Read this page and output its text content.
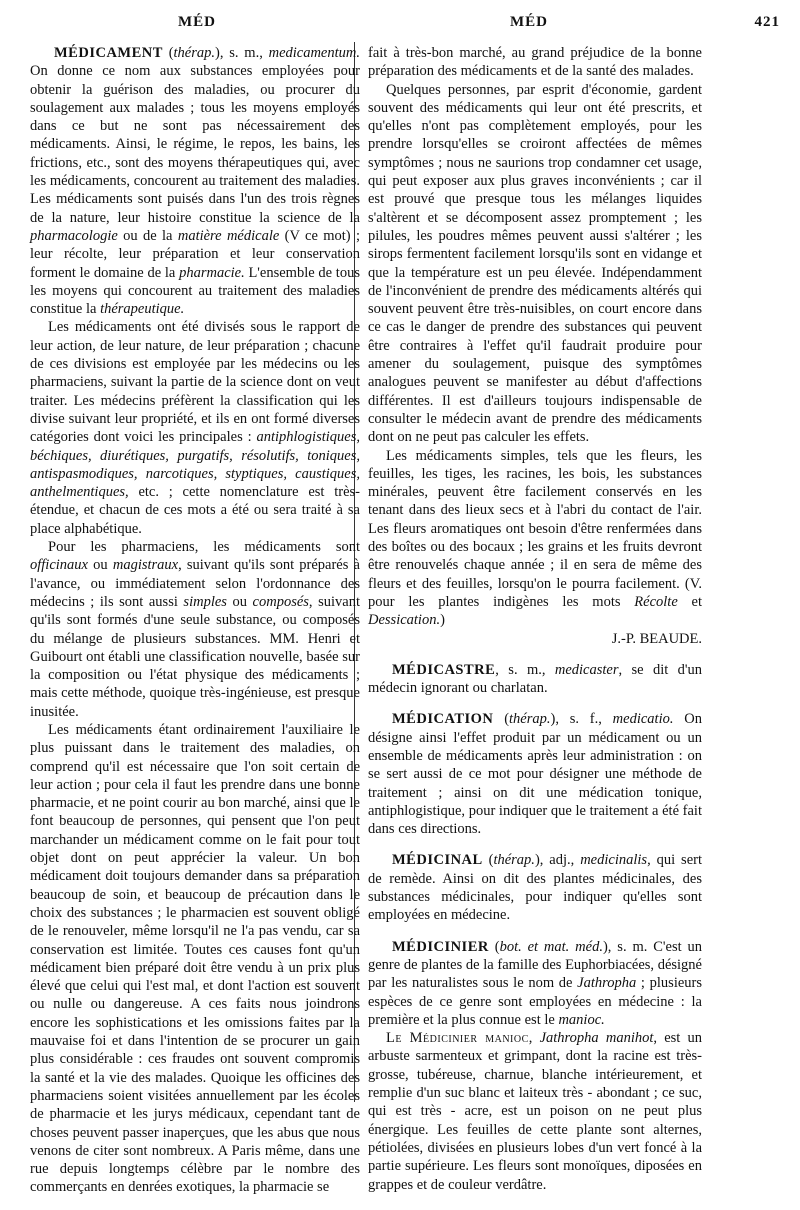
MÉD	MÉD	421

MÉDICAMENT (thérap.), s. m., medicamentum. On donne ce nom aux substances employées pour obtenir la guérison des maladies, ou procurer du soulagement aux malades ; tous les moyens employés dans ce but ne sont pas nécessairement des médicaments. Ainsi, le régime, le repos, les bains, les frictions, etc., sont des moyens thérapeutiques qui, avec les médicaments, concourent au traitement des maladies. Les médicaments sont puisés dans l'un des trois règnes de la nature, leur histoire constitue la science de la pharmacologie ou de la matière médicale (V ce mot) ; leur récolte, leur préparation et leur conservation forment le domaine de la pharmacie. L'ensemble de tous les moyens qui concourent au traitement des maladies constitue la thérapeutique.

Les médicaments ont été divisés sous le rapport de leur action, de leur nature, de leur préparation ; chacune de ces divisions est employée par les médecins ou les pharmaciens, suivant la partie de la science dont on veut traiter. Les médecins préfèrent la classification qui les divise suivant leur propriété, et ils en ont formé diverses catégories dont voici les principales : antiphlogistiques, béchiques, diurétiques, purgatifs, résolutifs, toniques, antispasmodiques, narcotiques, styptiques, caustiques, anthelmentiques, etc. ; cette nomenclature est très-étendue, et chacun de ces mots a été ou sera traité à sa place alphabétique.

Pour les pharmaciens, les médicaments sont officinaux ou magistraux, suivant qu'ils sont préparés à l'avance, ou immédiatement selon l'ordonnance des médecins ; ils sont aussi simples ou composés, suivant qu'ils sont formés d'une seule substance, ou composés du mélange de plusieurs substances. MM. Henri et Guibourt ont établi une classification nouvelle, basée sur la composition ou l'état physique des médicaments ; mais cette méthode, quoique très-ingénieuse, est presque inusitée.

Les médicaments étant ordinairement l'auxiliaire le plus puissant dans le traitement des maladies, on comprend qu'il est nécessaire que l'on soit certain de leur action ; pour cela il faut les prendre dans une bonne pharmacie, et ne point courir au bon marché, ainsi que le font beaucoup de personnes, qui pensent que l'on peut marchander un médicament comme on le fait pour tout objet dont on peut apprécier la valeur. Un bon médicament doit toujours demander dans sa préparation beaucoup de soin, et beaucoup de précaution dans le choix des substances ; le pharmacien est souvent obligé de le renouveler, même lorsqu'il ne l'a pas vendu, car sa conservation est limitée. Toutes ces causes font qu'un médicament bien préparé doit être vendu à un prix plus élevé que celui qui l'est mal, et dont l'action est souvent ou nulle ou dangereuse. A ces faits nous joindrons encore les sophistications et les omissions faites par la mauvaise foi et dans l'intention de se procurer un gain plus considérable : ces fraudes ont souvent compromis la santé et la vie des malades. Quoique les officines des pharmaciens soient visitées annuellement par les écoles de pharmacie et les jurys médicaux, cependant tant de choses peuvent passer inaperçues, que les abus que nous venons de citer sont nombreux. A Paris même, dans une rue depuis longtemps célèbre par le nombre des commerçants en denrées exotiques, la pharmacie se

fait à très-bon marché, au grand préjudice de la bonne préparation des médicaments et de la santé des malades.

Quelques personnes, par esprit d'économie, gardent souvent des médicaments qui leur ont été prescrits, et qu'elles n'ont pas complètement employés, pour les prendre lorsqu'elles se croiront affectées de mêmes symptômes ; nous ne saurions trop condamner cet usage, qui peut exposer aux plus graves inconvénients ; car il est prouvé que presque tous les mélanges liquides s'altèrent et se décomposent assez promptement ; les pilules, les poudres mêmes peuvent aussi s'altérer ; les sirops fermentent facilement lorsqu'ils sont en vidange et que la température est un peu élevée. Indépendamment de l'inconvénient de prendre des médicaments altérés qui souvent peuvent être très-nuisibles, on court encore dans ce cas le danger de prendre des substances qui peuvent être contraires à l'effet qu'il faudrait produire pour amener du soulagement, puisque des symptômes analogues peuvent se manifester au début d'affections différentes. Il est d'ailleurs toujours indispensable de consulter le médecin avant de prendre des médicaments dont on ne peut pas calculer les effets.

Les médicaments simples, tels que les fleurs, les feuilles, les tiges, les racines, les bois, les substances minérales, peuvent être facilement conservés en les tenant dans des lieux secs et à l'abri du contact de l'air. Les fleurs aromatiques ont besoin d'être renfermées dans des boîtes ou des bocaux ; les grains et les fruits devront être renouvelés chaque année ; il en sera de même des fleurs et des feuilles, lorsqu'on le pourra facilement. (V. pour les plantes indigènes les mots Récolte et Dessication.)

J.-P. BEAUDE.

MÉDICASTRE, s. m., medicaster, se dit d'un médecin ignorant ou charlatan.

MÉDICATION (thérap.), s. f., medicatio. On désigne ainsi l'effet produit par un médicament ou un ensemble de médicaments après leur administration : on se sert aussi de ce mot pour désigner une méthode de traitement ; ainsi on dit une médication tonique, antiphlogistique, pour indiquer que le traitement a été fait dans ces directions.

MÉDICINAL (thérap.), adj., medicinalis, qui sert de remède. Ainsi on dit des plantes médicinales, des substances médicinales, pour indiquer qu'elles sont employées en médecine.

MÉDICINIER (bot. et mat. méd.), s. m. C'est un genre de plantes de la famille des Euphorbiacées, désigné par les naturalistes sous le nom de Jathropha ; plusieurs espèces de ce genre sont employées en médecine : la première et la plus connue est le manioc.

Le Médicinier manioc, Jathropha manihot, est un arbuste sarmenteux et grimpant, dont la racine est très-grosse, tubéreuse, charnue, blanche intérieurement, et remplie d'un suc blanc et laiteux très - abondant ; ce suc, qui est très - acre, est un poison on ne peut plus énergique. Les feuilles de cette plante sont alternes, pétiolées, divisées en plusieurs lobes d'un vert foncé à la partie supérieure. Les fleurs sont monoïques, diposées en grappes et de couleur verdâtre.
